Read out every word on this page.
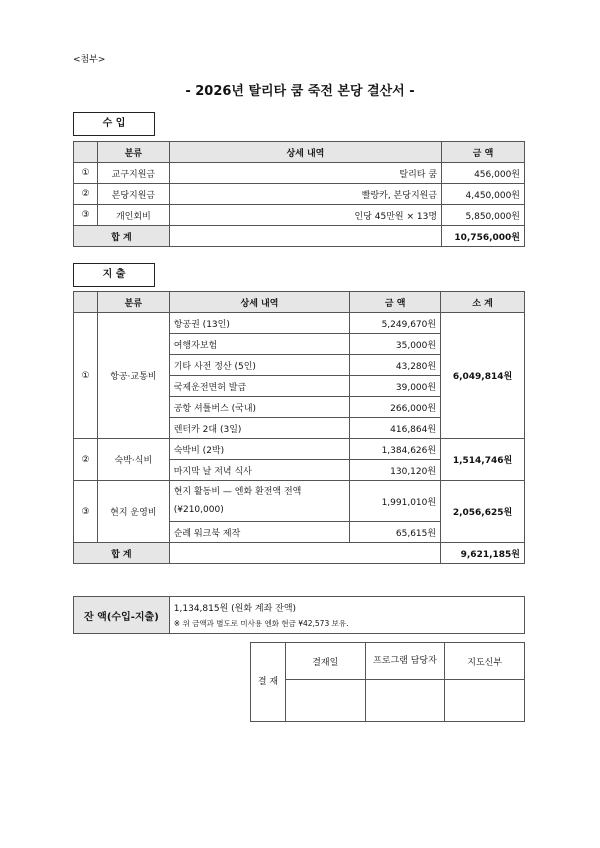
<첨부>
- 2026년 탈리타 쿰 죽전 본당 결산서 -
수 입
	분류	상세 내역	금 액
①	교구지원금	탈리타 쿰	456,000원
②	본당지원금	빨랑카, 본당지원금	4,450,000원
③	개인회비	인당 45만원 × 13명	5,850,000원
합 계			10,756,000원
지 출
	분류	상세 내역	금 액	소 계
①	항공·교통비	항공권 (13인)	5,249,670원	6,049,814원
		여행자보험	35,000원	
		기타 사전 정산 (5인)	43,280원	
		국제운전면허 발급	39,000원	
		공항 셔틀버스 (국내)	266,000원	
		렌터카 2대 (3일)	416,864원	
②	숙박·식비	숙박비 (2박)	1,384,626원	1,514,746원
		마지막 날 저녁 식사	130,120원	
③	현지 운영비	현지 활동비 — 엔화 환전액 전액 (¥210,000)	1,991,010원	2,056,625원
		순례 워크북 제작	65,615원	
합 계				9,621,185원
잔 액(수입-지출)	
1,134,815원 (원화 계좌 잔액)
※ 위 금액과 별도로 미사용 엔화 현금 ¥42,573 보유.
결 재	결재일	프로그램 담당자	지도신부
